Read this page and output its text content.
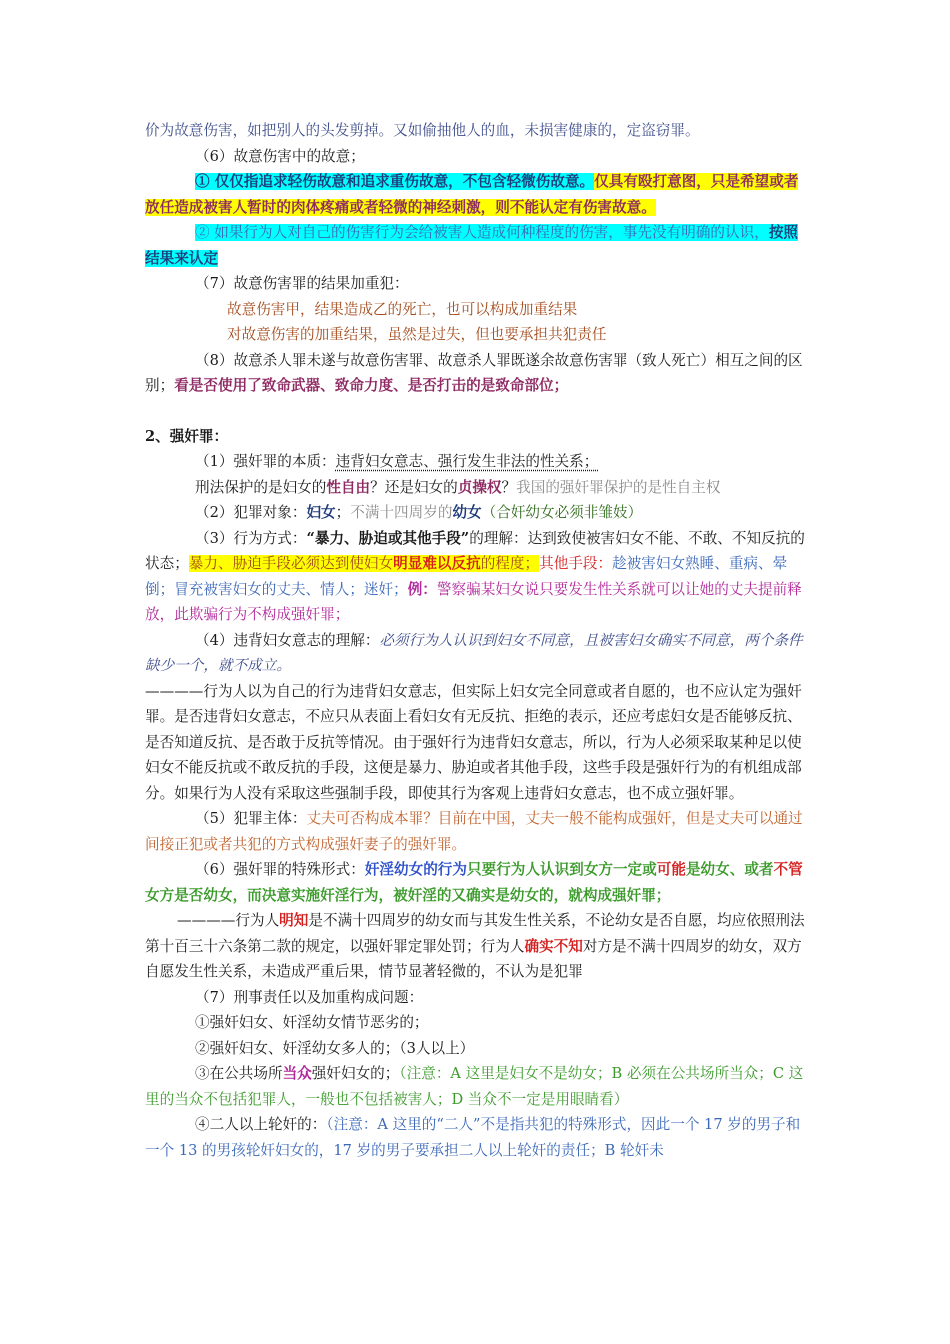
价为故意伤害，如把别人的头发剪掉。又如偷抽他人的血，未损害健康的，定盗窃罪。

（6）故意伤害中的故意；

① 仅仅指追求轻伤故意和追求重伤故意，不包含轻微伤故意。仅具有殴打意图，只是希望或者放任造成被害人暂时的肉体疼痛或者轻微的神经刺激，则不能认定有伤害故意。

② 如果行为人对自己的伤害行为会给被害人造成何种程度的伤害，事先没有明确的认识，按照结果来认定

（7）故意伤害罪的结果加重犯：

故意伤害甲，结果造成乙的死亡，也可以构成加重结果

对故意伤害的加重结果，虽然是过失，但也要承担共犯责任

（8）故意杀人罪未遂与故意伤害罪、故意杀人罪既遂余故意伤害罪（致人死亡）相互之间的区别；看是否使用了致命武器、致命力度、是否打击的是致命部位；

2、强奸罪：

（1）强奸罪的本质：违背妇女意志、强行发生非法的性关系；

刑法保护的是妇女的性自由？还是妇女的贞操权？我国的强奸罪保护的是性自主权

（2）犯罪对象：妇女；不满十四周岁的幼女（合奸幼女必须非雏妓）

（3）行为方式：“暴力、胁迫或其他手段”的理解：达到致使被害妇女不能、不敢、不知反抗的状态；暴力、胁迫手段必须达到使妇女明显难以反抗的程度；其他手段：趁被害妇女熟睡、重病、晕倒；冒充被害妇女的丈夫、情人；迷奸；例：警察骗某妇女说只要发生性关系就可以让她的丈夫提前释放，此欺骗行为不构成强奸罪；

（4）违背妇女意志的理解：必须行为人认识到妇女不同意，且被害妇女确实不同意，两个条件缺少一个，就不成立。

————行为人以为自己的行为违背妇女意志，但实际上妇女完全同意或者自愿的，也不应认定为强奸罪。是否违背妇女意志，不应只从表面上看妇女有无反抗、拒绝的表示，还应考虑妇女是否能够反抗、是否知道反抗、是否敢于反抗等情况。由于强奸行为违背妇女意志，所以，行为人必须采取某种足以使妇女不能反抗或不敢反抗的手段，这便是暴力、胁迫或者其他手段，这些手段是强奸行为的有机组成部分。如果行为人没有采取这些强制手段，即使其行为客观上违背妇女意志，也不成立强奸罪。

（5）犯罪主体：丈夫可否构成本罪？目前在中国，丈夫一般不能构成强奸，但是丈夫可以通过间接正犯或者共犯的方式构成强奸妻子的强奸罪。

（6）强奸罪的特殊形式：奸淫幼女的行为只要行为人认识到女方一定或可能是幼女、或者不管女方是否幼女，而决意实施奸淫行为，被奸淫的又确实是幼女的，就构成强奸罪；

————行为人明知是不满十四周岁的幼女而与其发生性关系，不论幼女是否自愿，均应依照刑法第十百三十六条第二款的规定，以强奸罪定罪处罚；行为人确实不知对方是不满十四周岁的幼女，双方自愿发生性关系，未造成严重后果，情节显著轻微的，不认为是犯罪

（7）刑事责任以及加重构成问题：

①强奸妇女、奸淫幼女情节恶劣的；

②强奸妇女、奸淫幼女多人的；（3人以上）

③在公共场所当众强奸妇女的；（注意：A 这里是妇女不是幼女；B 必须在公共场所当众；C 这里的当众不包括犯罪人，一般也不包括被害人；D 当众不一定是用眼睛看）

④二人以上轮奸的：（注意：A 这里的“二人”不是指共犯的特殊形式，因此一个 17 岁的男子和一个 13 的男孩轮奸妇女的，17 岁的男子要承担二人以上轮奸的责任；B 轮奸未
